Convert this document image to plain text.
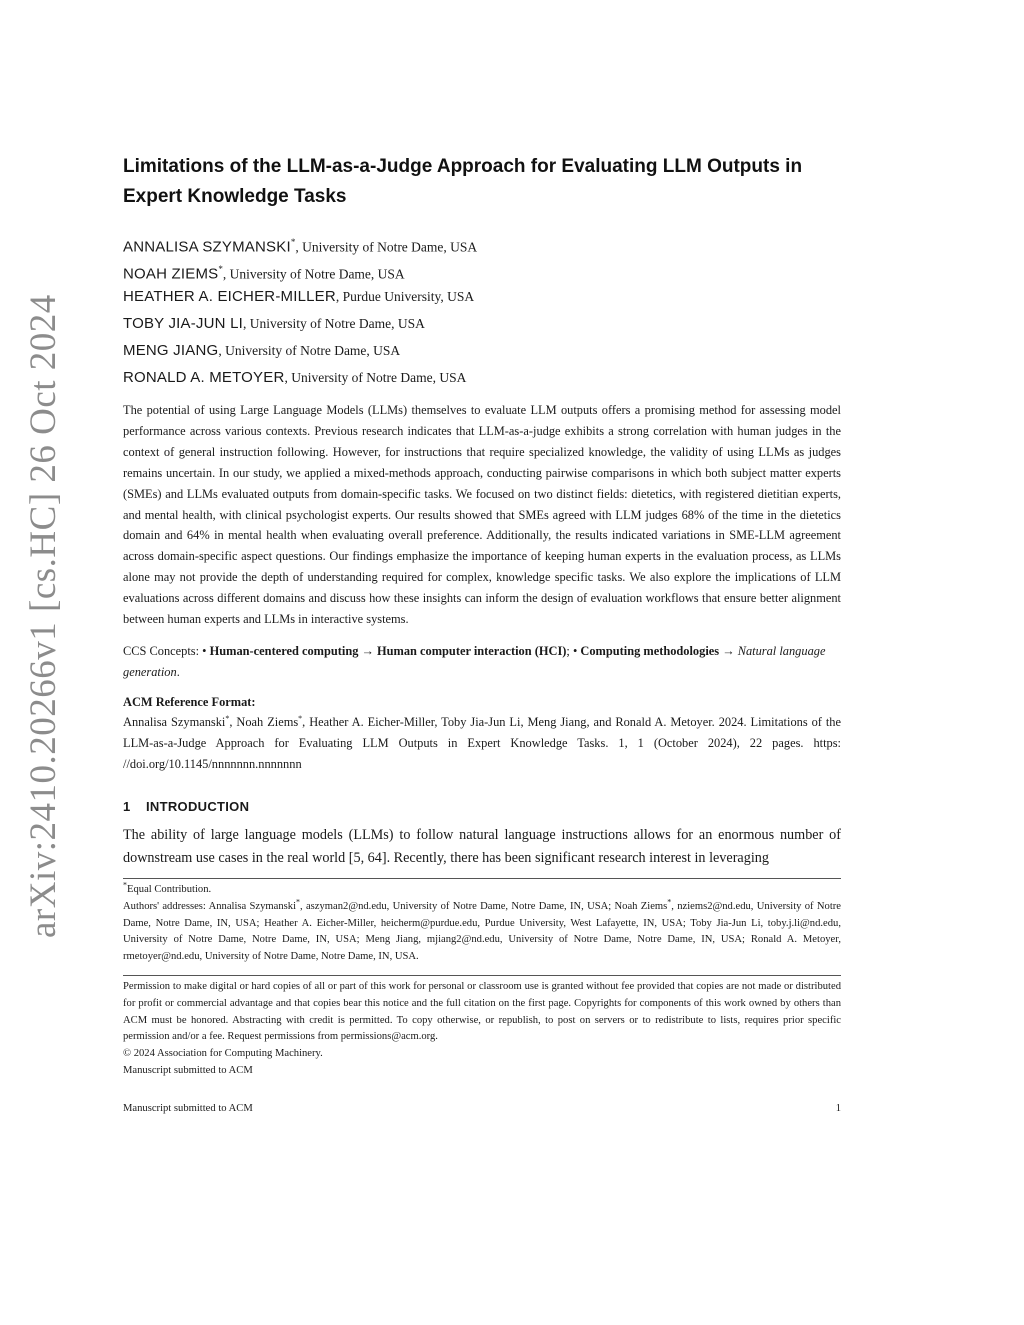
arXiv:2410.20266v1 [cs.HC] 26 Oct 2024
Limitations of the LLM-as-a-Judge Approach for Evaluating LLM Outputs in Expert Knowledge Tasks
ANNALISA SZYMANSKI*, University of Notre Dame, USA
NOAH ZIEMS*, University of Notre Dame, USA
HEATHER A. EICHER-MILLER, Purdue University, USA
TOBY JIA-JUN LI, University of Notre Dame, USA
MENG JIANG, University of Notre Dame, USA
RONALD A. METOYER, University of Notre Dame, USA
The potential of using Large Language Models (LLMs) themselves to evaluate LLM outputs offers a promising method for assessing model performance across various contexts. Previous research indicates that LLM-as-a-judge exhibits a strong correlation with human judges in the context of general instruction following. However, for instructions that require specialized knowledge, the validity of using LLMs as judges remains uncertain. In our study, we applied a mixed-methods approach, conducting pairwise comparisons in which both subject matter experts (SMEs) and LLMs evaluated outputs from domain-specific tasks. We focused on two distinct fields: dietetics, with registered dietitian experts, and mental health, with clinical psychologist experts. Our results showed that SMEs agreed with LLM judges 68% of the time in the dietetics domain and 64% in mental health when evaluating overall preference. Additionally, the results indicated variations in SME-LLM agreement across domain-specific aspect questions. Our findings emphasize the importance of keeping human experts in the evaluation process, as LLMs alone may not provide the depth of understanding required for complex, knowledge specific tasks. We also explore the implications of LLM evaluations across different domains and discuss how these insights can inform the design of evaluation workflows that ensure better alignment between human experts and LLMs in interactive systems.
CCS Concepts: • Human-centered computing → Human computer interaction (HCI); • Computing methodologies → Natural language generation.
ACM Reference Format:
Annalisa Szymanski*, Noah Ziems*, Heather A. Eicher-Miller, Toby Jia-Jun Li, Meng Jiang, and Ronald A. Metoyer. 2024. Limitations of the LLM-as-a-Judge Approach for Evaluating LLM Outputs in Expert Knowledge Tasks. 1, 1 (October 2024), 22 pages. https: //doi.org/10.1145/nnnnnnn.nnnnnnn
1 INTRODUCTION
The ability of large language models (LLMs) to follow natural language instructions allows for an enormous number of downstream use cases in the real world [5, 64]. Recently, there has been significant research interest in leveraging
*Equal Contribution.
Authors' addresses: Annalisa Szymanski*, aszyman2@nd.edu, University of Notre Dame, Notre Dame, IN, USA; Noah Ziems*, nziems2@nd.edu, University of Notre Dame, Notre Dame, IN, USA; Heather A. Eicher-Miller, heicherm@purdue.edu, Purdue University, West Lafayette, IN, USA; Toby Jia-Jun Li, toby.j.li@nd.edu, University of Notre Dame, Notre Dame, IN, USA; Meng Jiang, mjiang2@nd.edu, University of Notre Dame, Notre Dame, IN, USA; Ronald A. Metoyer, rmetoyer@nd.edu, University of Notre Dame, Notre Dame, IN, USA.
Permission to make digital or hard copies of all or part of this work for personal or classroom use is granted without fee provided that copies are not made or distributed for profit or commercial advantage and that copies bear this notice and the full citation on the first page. Copyrights for components of this work owned by others than ACM must be honored. Abstracting with credit is permitted. To copy otherwise, or republish, to post on servers or to redistribute to lists, requires prior specific permission and/or a fee. Request permissions from permissions@acm.org.
© 2024 Association for Computing Machinery.
Manuscript submitted to ACM
Manuscript submitted to ACM	1
